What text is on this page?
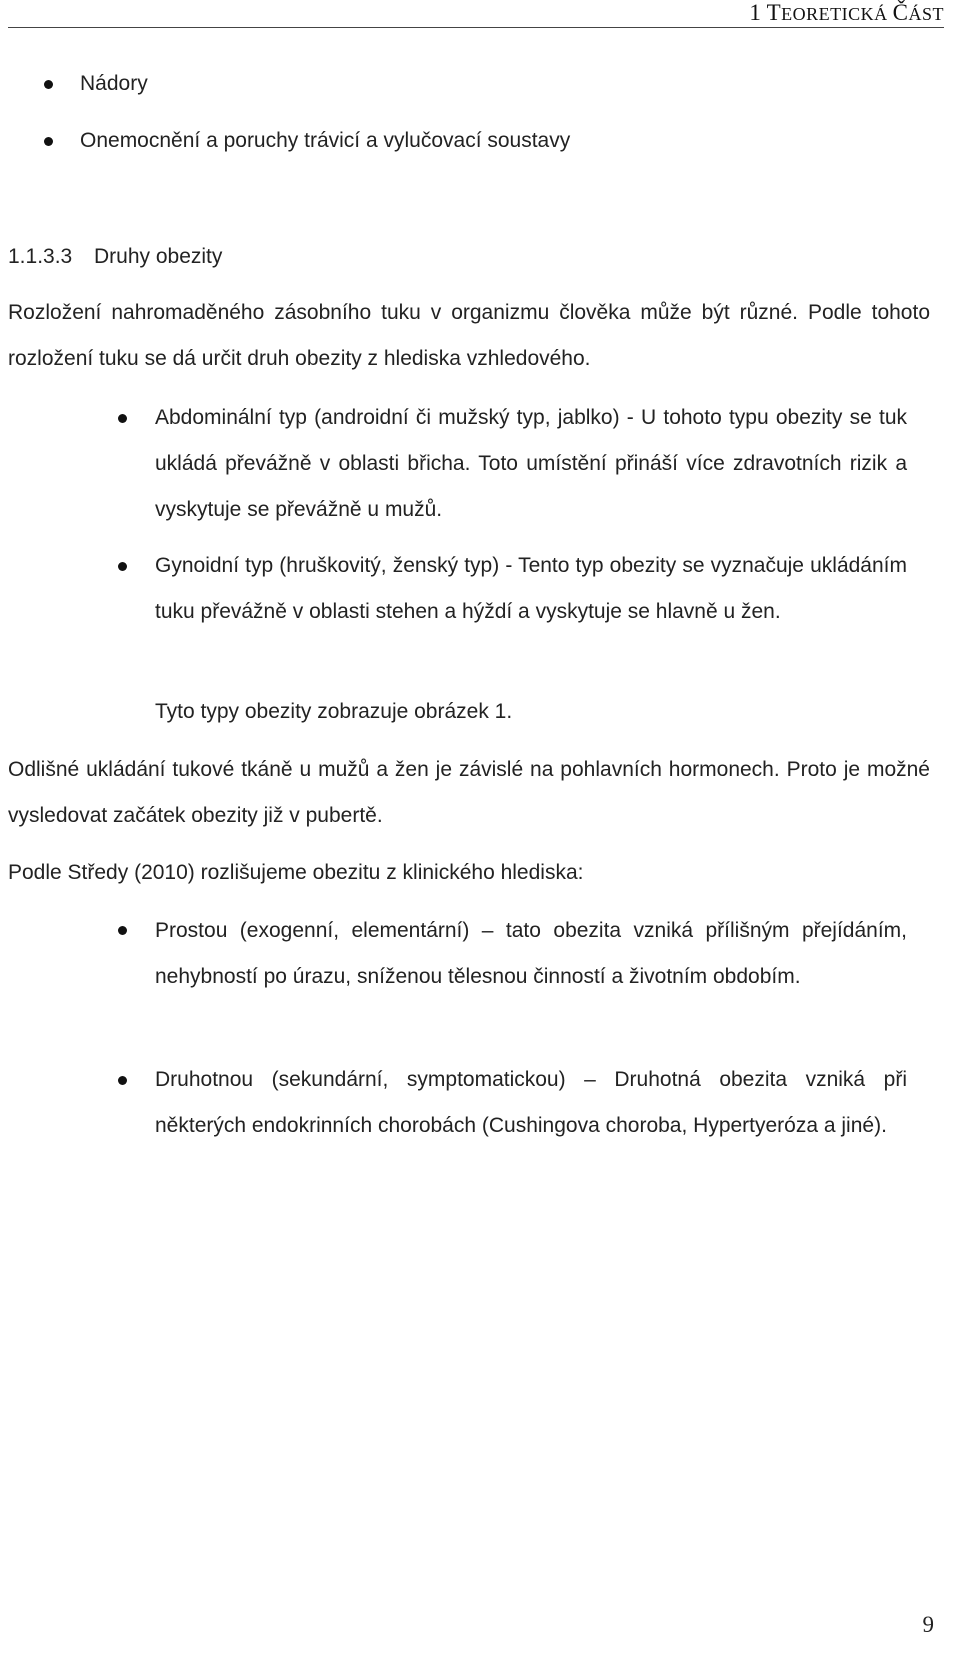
1 TEORETICKÁ ČÁST
Nádory
Onemocnění a poruchy trávicí a vylučovací soustavy
1.1.3.3 Druhy obezity
Rozložení nahromaděného zásobního tuku v organizmu člověka může být různé. Podle tohoto rozložení tuku se dá určit druh obezity z hlediska vzhledového.
Abdominální typ (androidní či mužský typ, jablko) - U tohoto typu obezity se tuk ukládá převážně v oblasti břicha. Toto umístění přináší více zdravotních rizik a vyskytuje se převážně u mužů.
Gynoidní typ (hruškovitý, ženský typ) - Tento typ obezity se vyznačuje ukládáním tuku převážně v oblasti stehen a hýždí a vyskytuje se hlavně u žen.
Tyto typy obezity zobrazuje obrázek 1.
Odlišné ukládání tukové tkáně u mužů a žen je závislé na pohlavních hormonech. Proto je možné vysledovat začátek obezity již v pubertě.
Podle Středy (2010) rozlišujeme obezitu z klinického hlediska:
Prostou (exogenní, elementární) – tato obezita vzniká přílišným přejídáním, nehybností po úrazu, sníženou tělesnou činností a životním obdobím.
Druhotnou (sekundární, symptomatickou) – Druhotná obezita vzniká při některých endokrinních chorobách (Cushingova choroba, Hypertyeróza a jiné).
9
